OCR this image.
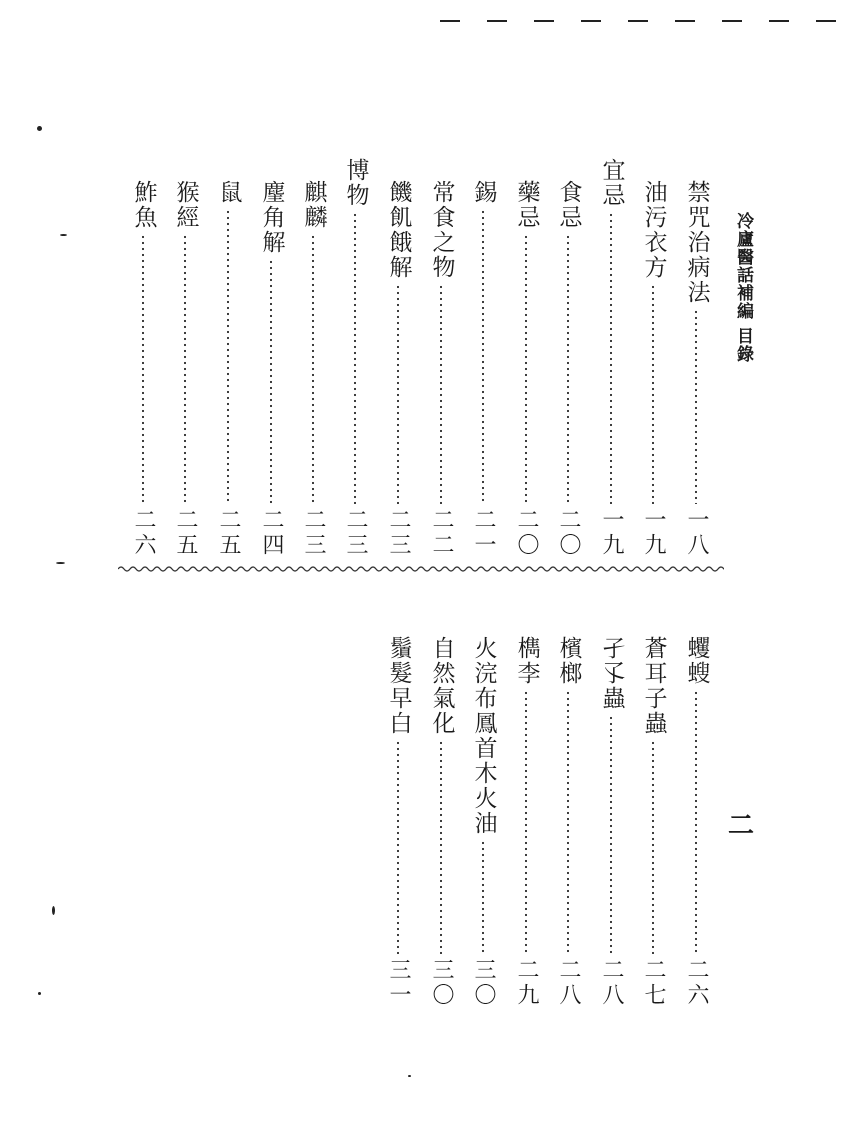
冷廬醫話補編 目錄
二
禁咒治病法
一八
油污衣方
一九
宜忌
一九
食忌
二〇
藥忌
二〇
錫
二一
常食之物
二二
饑飢餓解
二三
博物
二三
麒麟
二三
麈角解
二四
鼠
二五
猴經
二五
鮓魚
二六
蠼螋
二六
蒼耳子蟲
二七
孑孓蟲
二八
檳榔
二八
檇李
二九
火浣布鳳首木火油
三〇
自然氣化
三〇
鬚髮早白
三一
